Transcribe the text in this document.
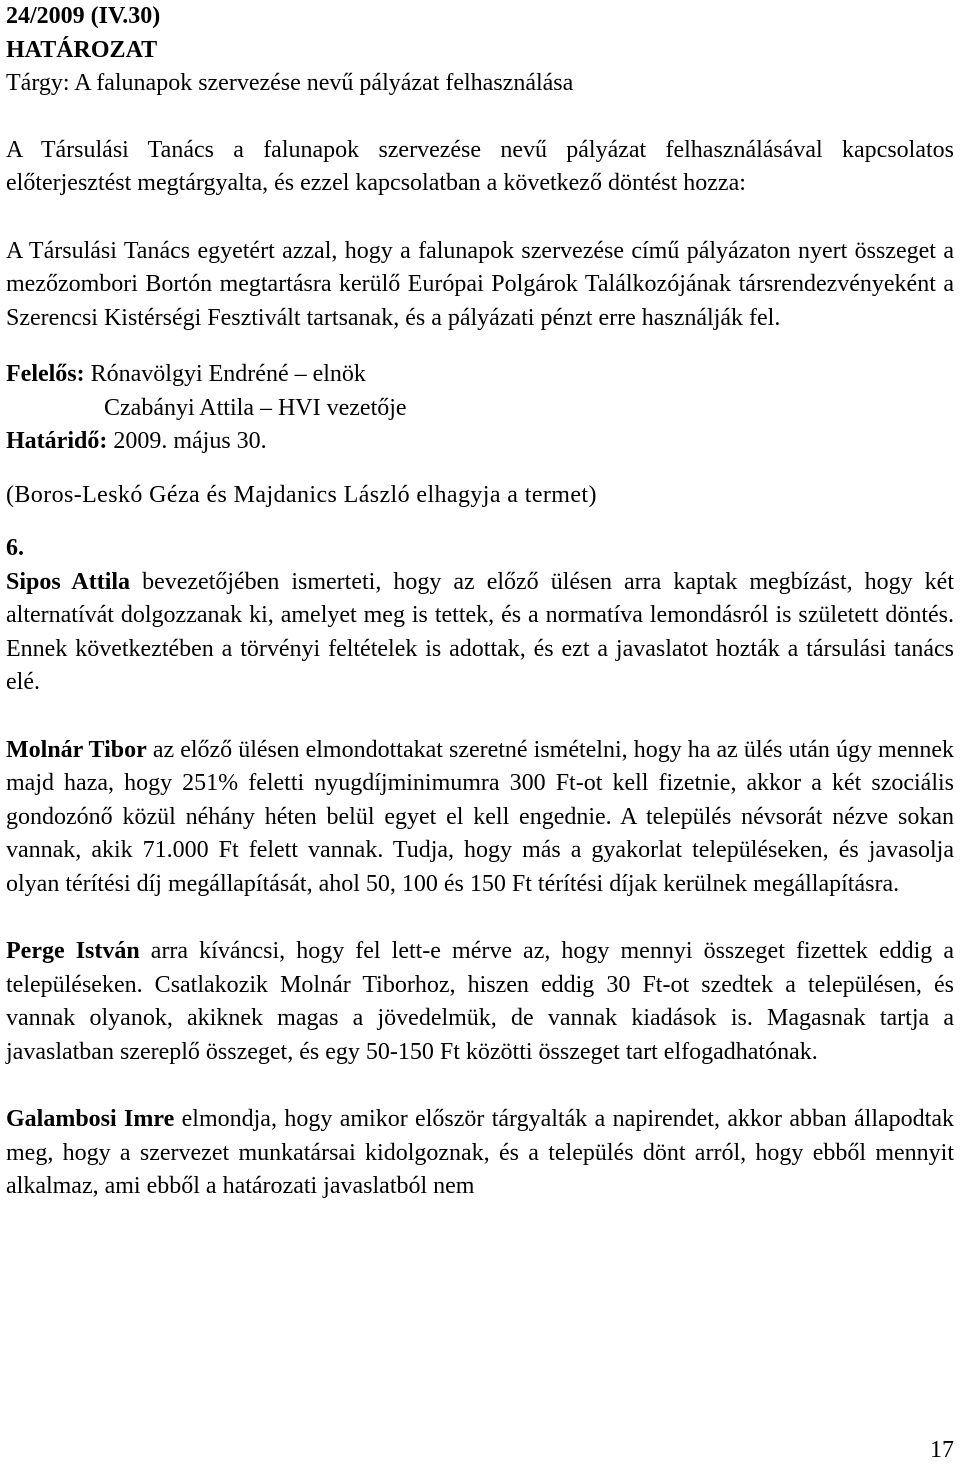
24/2009 (IV.30)
HATÁROZAT
Tárgy: A falunapok szervezése nevű pályázat felhasználása

A Társulási Tanács a falunapok szervezése nevű pályázat felhasználásával kapcsolatos előterjesztést megtárgyalta, és ezzel kapcsolatban a következő döntést hozza:

A Társulási Tanács egyetért azzal, hogy a falunapok szervezése című pályázaton nyert összeget a mezőzombori Bortón megtartásra kerülő Európai Polgárok Találkozójának társrendezvényeként a Szerencsi Kistérségi Fesztivált tartsanak, és a pályázati pénzt erre használják fel.

Felelős: Rónavölgyi Endréné – elnök
Czabányi Attila – HVI vezetője
Határidő: 2009. május 30.
(Boros-Leskó Géza és Majdanics László elhagyja a termet)
6.

Sipos Attila bevezetőjében ismerteti, hogy az előző ülésen arra kaptak megbízást, hogy két alternatívát dolgozzanak ki, amelyet meg is tettek, és a normatíva lemondásról is született döntés. Ennek következtében a törvényi feltételek is adottak, és ezt a javaslatot hozták a társulási tanács elé.

Molnár Tibor az előző ülésen elmondottakat szeretné ismételni, hogy ha az ülés után úgy mennek majd haza, hogy 251% feletti nyugdíjminimumra 300 Ft-ot kell fizetnie, akkor a két szociális gondozónő közül néhány héten belül egyet el kell engednie. A település névsorát nézve sokan vannak, akik 71.000 Ft felett vannak. Tudja, hogy más a gyakorlat településeken, és javasolja olyan térítési díj megállapítását, ahol 50, 100 és 150 Ft térítési díjak kerülnek megállapításra.

Perge István arra kíváncsi, hogy fel lett-e mérve az, hogy mennyi összeget fizettek eddig a településeken. Csatlakozik Molnár Tiborhoz, hiszen eddig 30 Ft-ot szedtek a településen, és vannak olyanok, akiknek magas a jövedelmük, de vannak kiadások is. Magasnak tartja a javaslatban szereplő összeget, és egy 50-150 Ft közötti összeget tart elfogadhatónak.

Galambosi Imre elmondja, hogy amikor először tárgyalták a napirendet, akkor abban állapodtak meg, hogy a szervezet munkatársai kidolgoznak, és a település dönt arról, hogy ebből mennyit alkalmaz, ami ebből a határozati javaslatból nem

17
